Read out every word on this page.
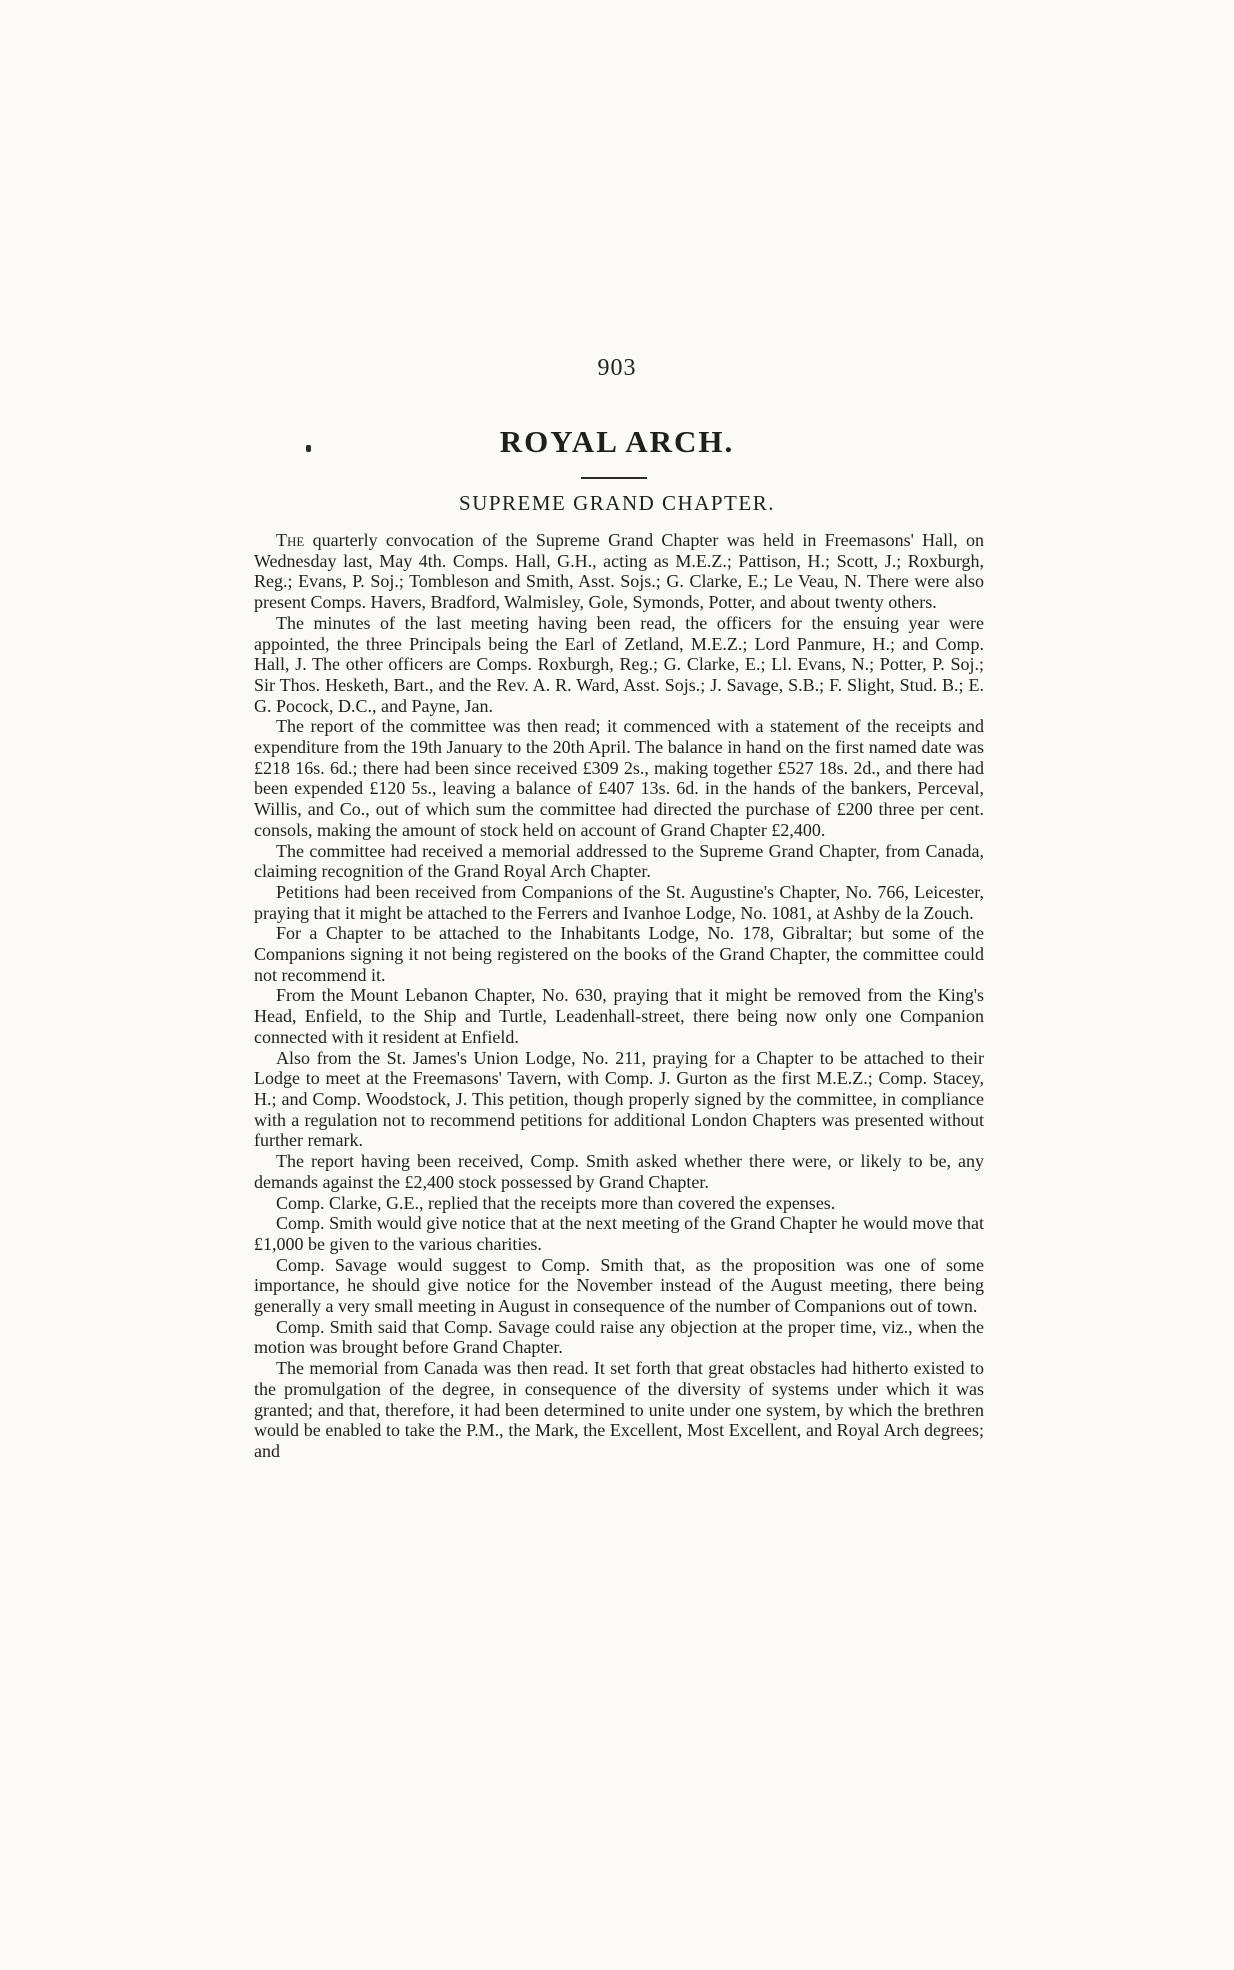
903
ROYAL ARCH.
SUPREME GRAND CHAPTER.

The quarterly convocation of the Supreme Grand Chapter was held in Freemasons' Hall, on Wednesday last, May 4th. Comps. Hall, G.H., acting as M.E.Z.; Pattison, H.; Scott, J.; Roxburgh, Reg.; Evans, P. Soj.; Tombleson and Smith, Asst. Sojs.; G. Clarke, E.; Le Veau, N. There were also present Comps. Havers, Bradford, Walmisley, Gole, Symonds, Potter, and about twenty others.

The minutes of the last meeting having been read, the officers for the ensuing year were appointed, the three Principals being the Earl of Zetland, M.E.Z.; Lord Panmure, H.; and Comp. Hall, J. The other officers are Comps. Roxburgh, Reg.; G. Clarke, E.; Ll. Evans, N.; Potter, P. Soj.; Sir Thos. Hesketh, Bart., and the Rev. A. R. Ward, Asst. Sojs.; J. Savage, S.B.; F. Slight, Stud. B.; E. G. Pocock, D.C., and Payne, Jan.

The report of the committee was then read; it commenced with a statement of the receipts and expenditure from the 19th January to the 20th April. The balance in hand on the first named date was £218 16s. 6d.; there had been since received £309 2s., making together £527 18s. 2d., and there had been expended £120 5s., leaving a balance of £407 13s. 6d. in the hands of the bankers, Perceval, Willis, and Co., out of which sum the committee had directed the purchase of £200 three per cent. consols, making the amount of stock held on account of Grand Chapter £2,400.

The committee had received a memorial addressed to the Supreme Grand Chapter, from Canada, claiming recognition of the Grand Royal Arch Chapter.

Petitions had been received from Companions of the St. Augustine's Chapter, No. 766, Leicester, praying that it might be attached to the Ferrers and Ivanhoe Lodge, No. 1081, at Ashby de la Zouch.

For a Chapter to be attached to the Inhabitants Lodge, No. 178, Gibraltar; but some of the Companions signing it not being registered on the books of the Grand Chapter, the committee could not recommend it.

From the Mount Lebanon Chapter, No. 630, praying that it might be removed from the King's Head, Enfield, to the Ship and Turtle, Leadenhall-street, there being now only one Companion connected with it resident at Enfield.

Also from the St. James's Union Lodge, No. 211, praying for a Chapter to be attached to their Lodge to meet at the Freemasons' Tavern, with Comp. J. Gurton as the first M.E.Z.; Comp. Stacey, H.; and Comp. Woodstock, J. This petition, though properly signed by the committee, in compliance with a regulation not to recommend petitions for additional London Chapters was presented without further remark.

The report having been received, Comp. Smith asked whether there were, or likely to be, any demands against the £2,400 stock possessed by Grand Chapter.

Comp. Clarke, G.E., replied that the receipts more than covered the expenses.

Comp. Smith would give notice that at the next meeting of the Grand Chapter he would move that £1,000 be given to the various charities.

Comp. Savage would suggest to Comp. Smith that, as the proposition was one of some importance, he should give notice for the November instead of the August meeting, there being generally a very small meeting in August in consequence of the number of Companions out of town.

Comp. Smith said that Comp. Savage could raise any objection at the proper time, viz., when the motion was brought before Grand Chapter.

The memorial from Canada was then read. It set forth that great obstacles had hitherto existed to the promulgation of the degree, in consequence of the diversity of systems under which it was granted; and that, therefore, it had been determined to unite under one system, by which the brethren would be enabled to take the P.M., the Mark, the Excellent, Most Excellent, and Royal Arch degrees; and
